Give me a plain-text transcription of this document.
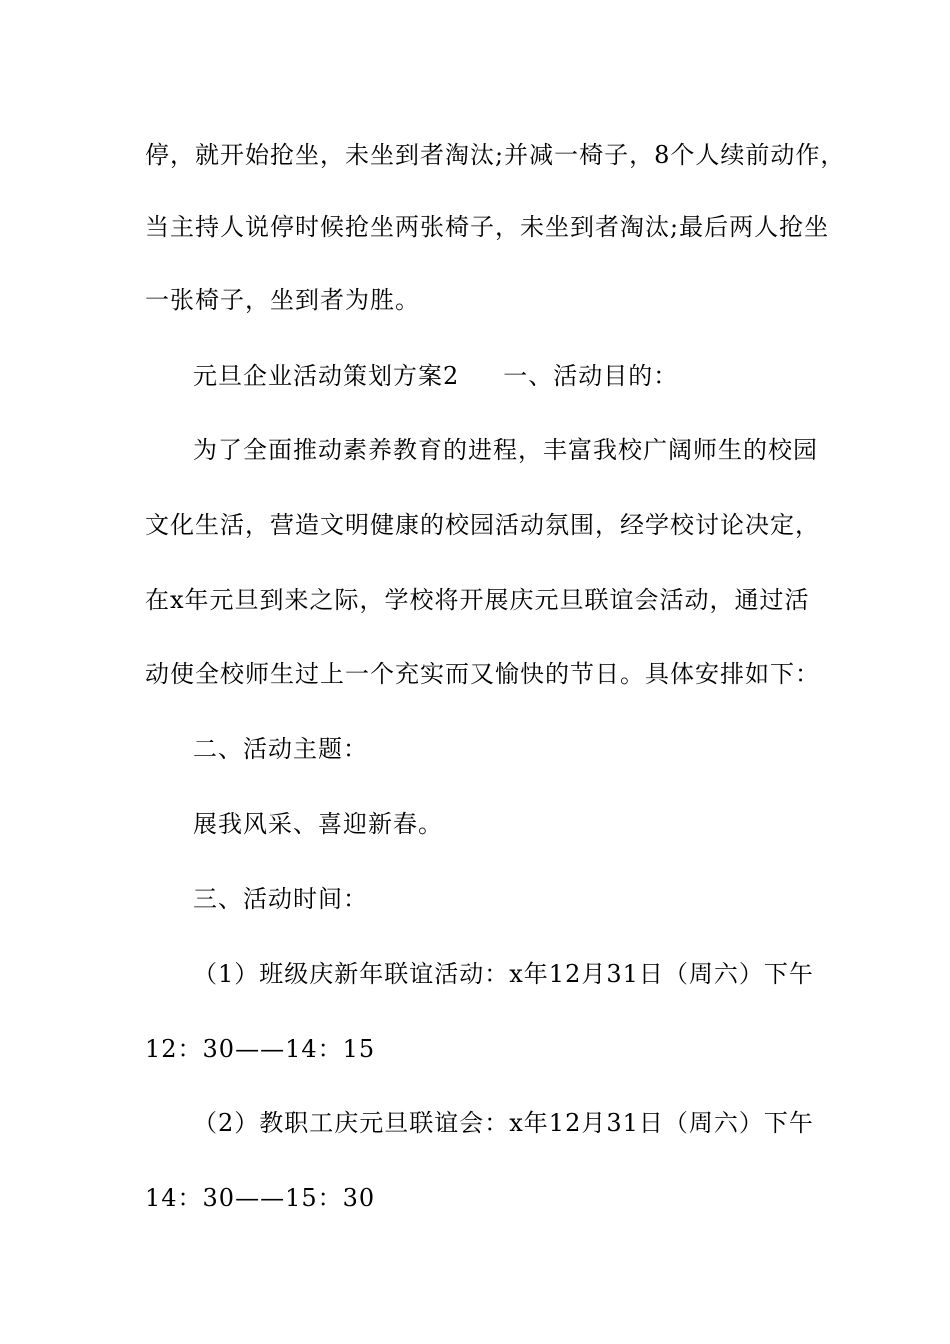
停，就开始抢坐，未坐到者淘汰;并减一椅子，8个人续前动作，
当主持人说停时候抢坐两张椅子，未坐到者淘汰;最后两人抢坐
一张椅子，坐到者为胜。
元旦企业活动策划方案2 一、活动目的：
为了全面推动素养教育的进程，丰富我校广阔师生的校园
文化生活，营造文明健康的校园活动氛围，经学校讨论决定，
在x年元旦到来之际，学校将开展庆元旦联谊会活动，通过活
动使全校师生过上一个充实而又愉快的节日。具体安排如下：
二、活动主题：
展我风采、喜迎新春。
三、活动时间：
（1）班级庆新年联谊活动：x年12月31日（周六）下午
12：30——14：15
（2）教职工庆元旦联谊会：x年12月31日（周六）下午
14：30——15：30
